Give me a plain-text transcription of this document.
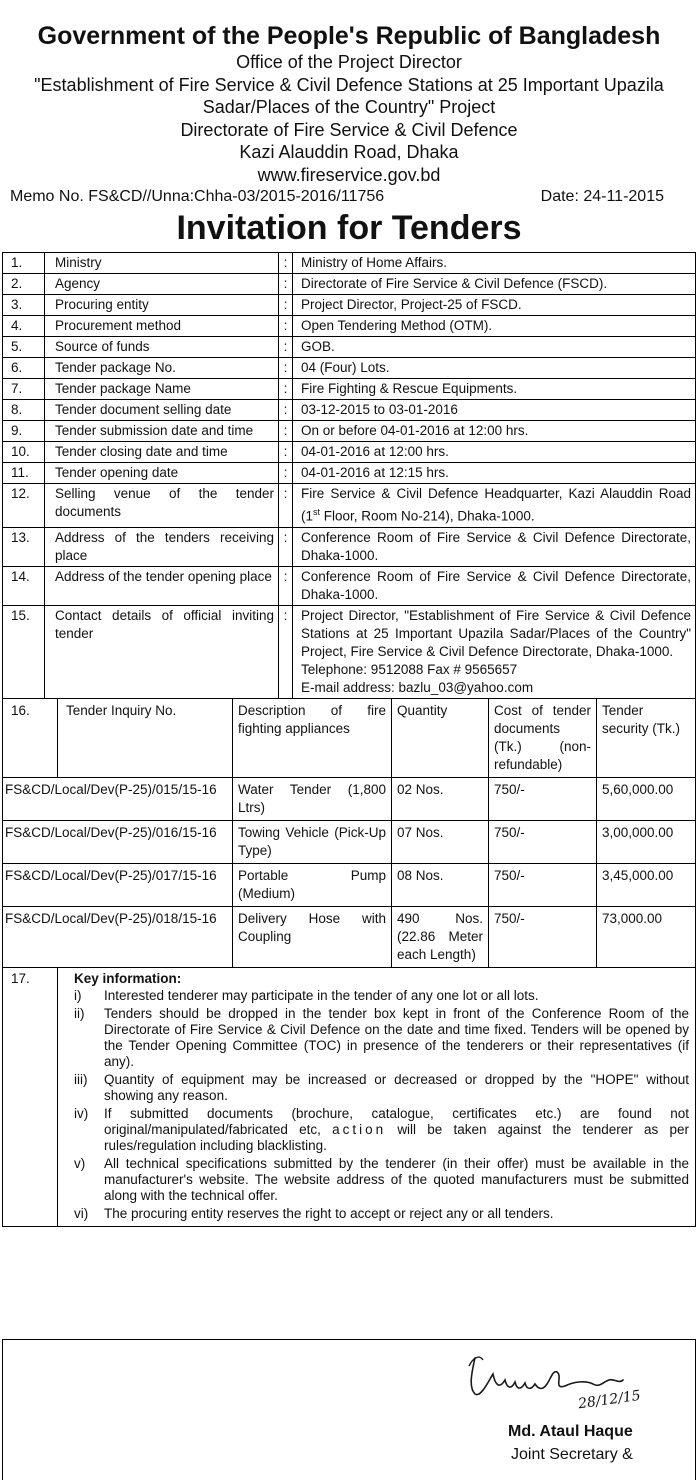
Government of the People's Republic of Bangladesh
Office of the Project Director
"Establishment of Fire Service & Civil Defence Stations at 25 Important Upazila
Sadar/Places of the Country" Project
Directorate of Fire Service & Civil Defence
Kazi Alauddin Road, Dhaka
www.fireservice.gov.bd
Memo No. FS&CD//Unna:Chha-03/2015-2016/11756	Date: 24-11-2015
Invitation for Tenders
1.	Ministry	:	Ministry of Home Affairs.
2.	Agency	:	Directorate of Fire Service & Civil Defence (FSCD).
3.	Procuring entity	:	Project Director, Project-25 of FSCD.
4.	Procurement method	:	Open Tendering Method (OTM).
5.	Source of funds	:	GOB.
6.	Tender package No.	:	04 (Four) Lots.
7.	Tender package Name	:	Fire Fighting & Rescue Equipments.
8.	Tender document selling date	:	03-12-2015 to 03-01-2016
9.	Tender submission date and time	:	On or before 04-01-2016 at 12:00 hrs.
10.	Tender closing date and time	:	04-01-2016 at 12:00 hrs.
11.	Tender opening date	:	04-01-2016 at 12:15 hrs.
12.	Selling venue of the tender documents	:	Fire Service & Civil Defence Headquarter, Kazi Alauddin Road (1st Floor, Room No-214), Dhaka-1000.
13.	Address of the tenders receiving place	:	Conference Room of Fire Service & Civil Defence Directorate, Dhaka-1000.
14.	Address of the tender opening place	:	Conference Room of Fire Service & Civil Defence Directorate, Dhaka-1000.
15.	Contact details of official inviting tender	:	Project Director, "Establishment of Fire Service & Civil Defence Stations at 25 Important Upazila Sadar/Places of the Country" Project, Fire Service & Civil Defence Directorate, Dhaka-1000.
Telephone: 9512088 Fax # 9565657
E-mail address: bazlu_03@yahoo.com
16.	Tender Inquiry No.	Description of fire fighting appliances	Quantity	Cost of tender documents (Tk.) (non-refundable)	Tender security (Tk.)
FS&CD/Local/Dev(P-25)/015/15-16		Water Tender (1,800 Ltrs)	02 Nos.	750/-	5,60,000.00
FS&CD/Local/Dev(P-25)/016/15-16		Towing Vehicle (Pick-Up Type)	07 Nos.	750/-	3,00,000.00
FS&CD/Local/Dev(P-25)/017/15-16		Portable Pump (Medium)	08 Nos.	750/-	3,45,000.00
FS&CD/Local/Dev(P-25)/018/15-16		Delivery Hose with Coupling	490 Nos. (22.86 Meter each Length)	750/-	73,000.00
17.	Key information:
i)	Interested tenderer may participate in the tender of any one lot or all lots.
ii)	Tenders should be dropped in the tender box kept in front of the Conference Room of the Directorate of Fire Service & Civil Defence on the date and time fixed. Tenders will be opened by the Tender Opening Committee (TOC) in presence of the tenderers or their representatives (if any).
iii)	Quantity of equipment may be increased or decreased or dropped by the "HOPE" without showing any reason.
iv)	If submitted documents (brochure, catalogue, certificates etc.) are found not original/manipulated/fabricated etc, action will be taken against the tenderer as per rules/regulation including blacklisting.
v)	All technical specifications submitted by the tenderer (in their offer) must be available in the manufacturer's website. The website address of the quoted manufacturers must be submitted along with the technical offer.
vi)	The procuring entity reserves the right to accept or reject any or all tenders.
28/12/15
Md. Ataul Haque
Joint Secretary &
